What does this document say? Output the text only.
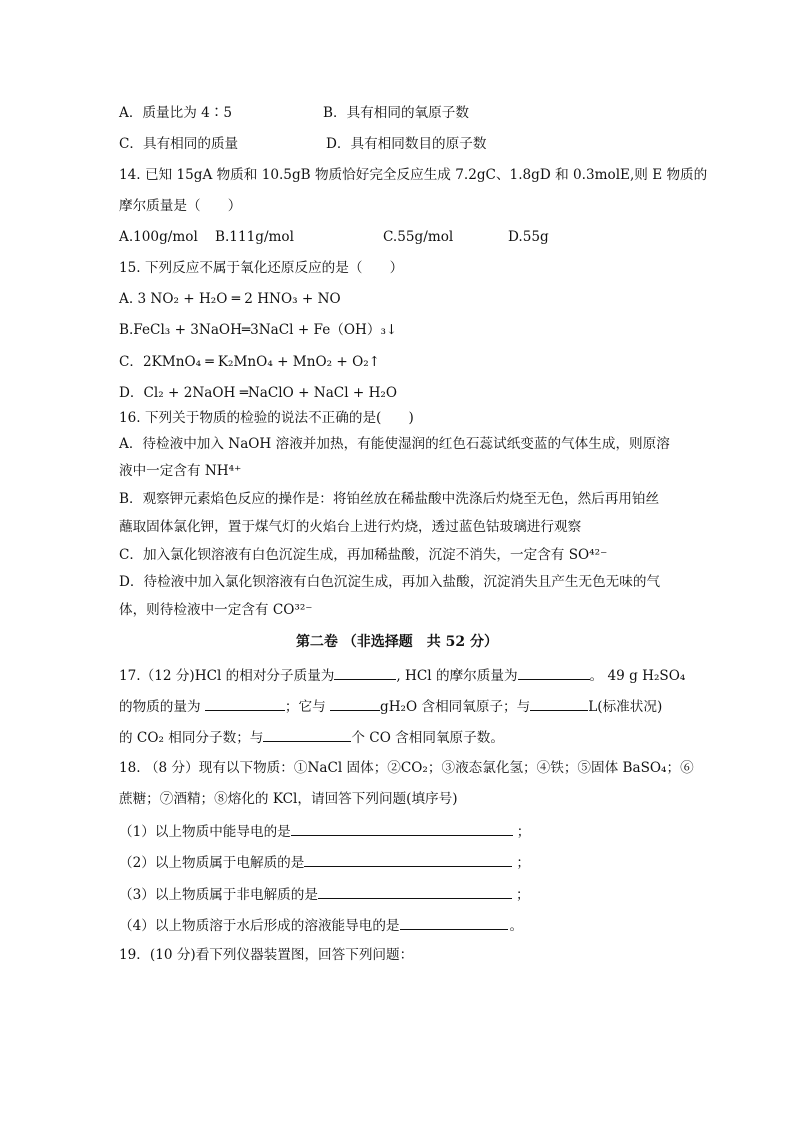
A．质量比为 4∶5	B．具有相同的氧原子数
C．具有相同的质量	D．具有相同数目的原子数
14. 已知 15gA 物质和 10.5gB 物质恰好完全反应生成 7.2gC、1.8gD 和 0.3molE,则 E 物质的
摩尔质量是（　　）
A.100g/mol B.111g/mol	C.55g/mol	D.55g
15. 下列反应不属于氧化还原反应的是（　　）
A. 3 NO₂ + H₂O ═ 2 HNO₃ + NO
B.FeCl₃ + 3NaOH═3NaCl + Fe（OH）₃↓
C．2KMnO₄ ═ K₂MnO₄ + MnO₂ + O₂↑
D．Cl₂ + 2NaOH ═NaClO + NaCl + H₂O
16. 下列关于物质的检验的说法不正确的是(　　)
A．待检液中加入 NaOH 溶液并加热，有能使湿润的红色石蕊试纸变蓝的气体生成，则原溶
液中一定含有 NH⁴⁺
B．观察钾元素焰色反应的操作是：将铂丝放在稀盐酸中洗涤后灼烧至无色，然后再用铂丝
蘸取固体氯化钾，置于煤气灯的火焰台上进行灼烧，透过蓝色钴玻璃进行观察
C．加入氯化钡溶液有白色沉淀生成，再加稀盐酸，沉淀不消失，一定含有 SO⁴²⁻
D．待检液中加入氯化钡溶液有白色沉淀生成，再加入盐酸，沉淀消失且产生无色无味的气
体，则待检液中一定含有 CO³²⁻
第二卷 （非选择题　共 52 分）
17.（12 分)HCl 的相对分子质量为	, HCl 的摩尔质量为	。 49 g H₂SO₄
的物质的量为	；它与	gH₂O 含相同氧原子；与	L(标准状况)
的 CO₂ 相同分子数；与	个 CO 含相同氧原子数。
18. （8 分）现有以下物质：①NaCl 固体；②CO₂；③液态氯化氢；④铁；⑤固体 BaSO₄；⑥
蔗糖；⑦酒精；⑧熔化的 KCl，请回答下列问题(填序号)
（1）以上物质中能导电的是	；
（2）以上物质属于电解质的是	；
（3）以上物质属于非电解质的是	；
（4）以上物质溶于水后形成的溶液能导电的是	。
19．(10 分)看下列仪器装置图，回答下列问题：
